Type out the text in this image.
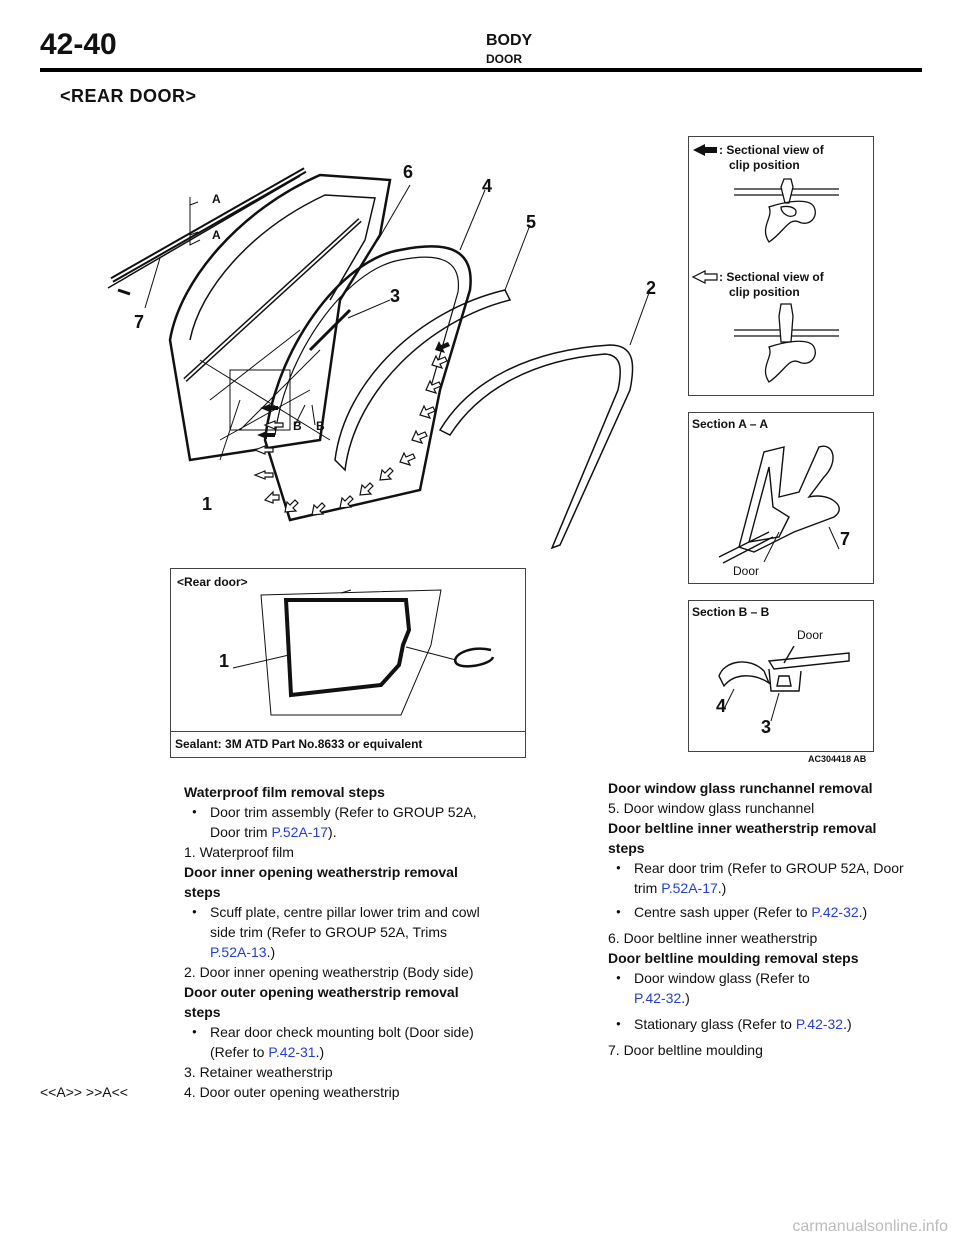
42-40	BODY
DOOR
<REAR DOOR>
6
4
5
3	2
7
1
A
A
B B
: Sectional view of
clip position
: Sectional view of
clip position
Section A – A
7
Door
Section B – B
Door
4
3
AC304418 AB
<Rear door>
1
Sealant: 3M ATD Part No.8633 or equivalent
Waterproof film removal steps
● Door trim assembly (Refer to GROUP 52A, Door trim P.52A-17).
1. Waterproof film
Door inner opening weatherstrip removal steps
● Scuff plate, centre pillar lower trim and cowl side trim (Refer to GROUP 52A, Trims P.52A-13.)
2. Door inner opening weatherstrip (Body side)
Door outer opening weatherstrip removal steps
● Rear door check mounting bolt (Door side) (Refer to P.42-31.)
3. Retainer weatherstrip
4. Door outer opening weatherstrip
<<A>> >>A<<
Door window glass runchannel removal
5. Door window glass runchannel
Door beltline inner weatherstrip removal steps
● Rear door trim (Refer to GROUP 52A, Door trim P.52A-17.)
● Centre sash upper (Refer to P.42-32.)
6. Door beltline inner weatherstrip
Door beltline moulding removal steps
● Door window glass (Refer to
P.42-32.)
● Stationary glass (Refer to P.42-32.)
7. Door beltline moulding
carmanualsonline.info
